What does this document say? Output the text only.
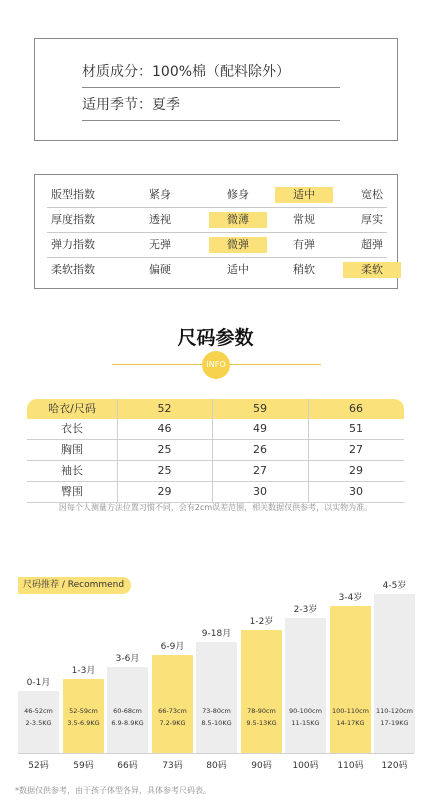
材质成分：100%棉（配料除外）
适用季节：夏季
版型指数	紧身	修身	适中	宽松
厚度指数	透视	微薄	常规	厚实
弹力指数	无弹	微弹	有弹	超弹
柔软指数	偏硬	适中	稍软	柔软
尺码参数
INFO
哈衣/尺码	52	59	66
衣长	46	49	51
胸围	25	26	27
袖长	25	27	29
臀围	29	30	30
因每个人测量方法位置习惯不同，会有2cm误差范围，相关数据仅供参考，以实物为准。
尺码推荐 / Recommend
0-1月
46-52cm
2-3.5KG
52码
1-3月
52-59cm
3.5-6.9KG
59码
3-6月
60-68cm
6.9-8.9KG
66码
6-9月
66-73cm
7.2-9KG
73码
9-18月
73-80cm
8.5-10KG
80码
1-2岁
78-90cm
9.5-13KG
90码
2-3岁
90-100cm
11-15KG
100码
3-4岁
100-110cm
14-17KG
110码
4-5岁
110-120cm
17-19KG
120码
*数据仅供参考，由于孩子体型各异，具体参考尺码表。
